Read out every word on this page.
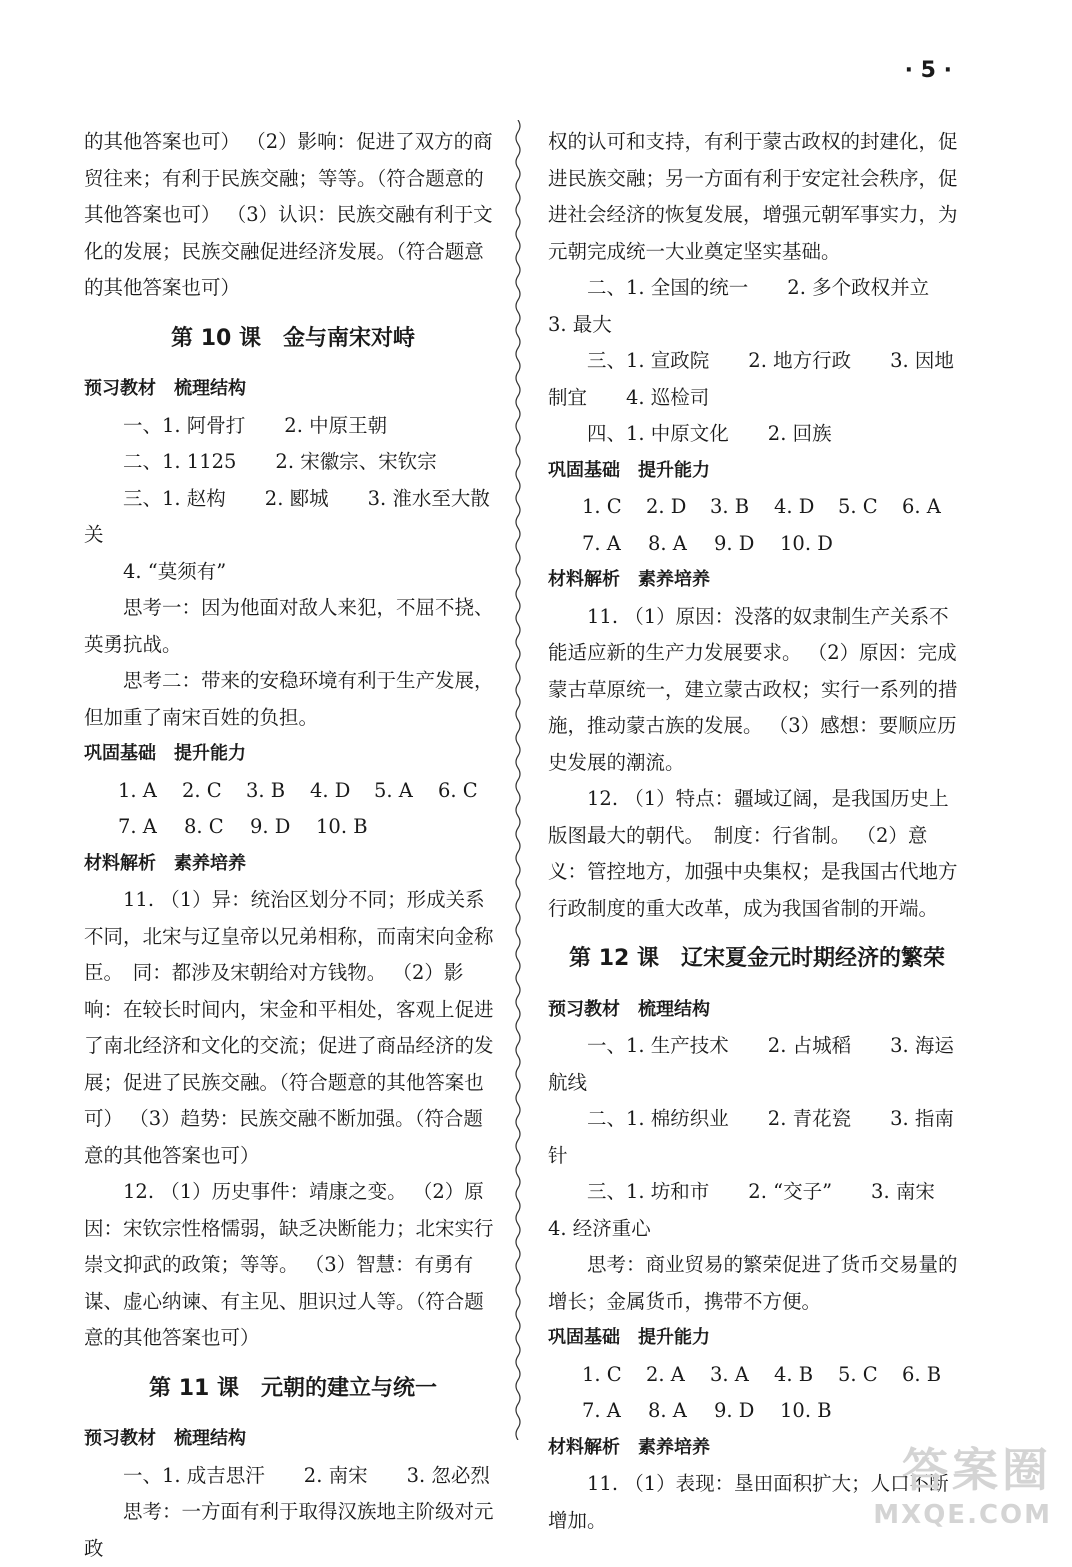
· 5 ·

的其他答案也可） （2）影响：促进了双方的商贸往来；有利于民族交融；等等。（符合题意的其他答案也可） （3）认识：民族交融有利于文化的发展；民族交融促进经济发展。（符合题意的其他答案也可）

第 10 课　金与南宋对峙
预习教材　梳理结构

一、1. 阿骨打　　2. 中原王朝

二、1. 1125　　2. 宋徽宗、宋钦宗

三、1. 赵构　　2. 郾城　　3. 淮水至大散关

4. “莫须有”

思考一：因为他面对敌人来犯，不屈不挠、英勇抗战。

思考二：带来的安稳环境有利于生产发展，但加重了南宋百姓的负担。

巩固基础　提升能力
1. A	2. C	3. B	4. D	5. A	6. C
7. A	8. C	9. D	10. B
材料解析　素养培养

11. （1）异：统治区划分不同；形成关系不同，北宋与辽皇帝以兄弟相称，而南宋向金称臣。　同：都涉及宋朝给对方钱物。 （2）影响：在较长时间内，宋金和平相处，客观上促进了南北经济和文化的交流；促进了商品经济的发展；促进了民族交融。（符合题意的其他答案也可） （3）趋势：民族交融不断加强。（符合题意的其他答案也可）

12. （1）历史事件：靖康之变。 （2）原因：宋钦宗性格懦弱，缺乏决断能力；北宋实行崇文抑武的政策；等等。 （3）智慧：有勇有谋、虚心纳谏、有主见、胆识过人等。（符合题意的其他答案也可）

第 11 课　元朝的建立与统一
预习教材　梳理结构

一、1. 成吉思汗　　2. 南宋　　3. 忽必烈

思考：一方面有利于取得汉族地主阶级对元政

权的认可和支持，有利于蒙古政权的封建化，促进民族交融；另一方面有利于安定社会秩序，促进社会经济的恢复发展，增强元朝军事实力，为元朝完成统一大业奠定坚实基础。

二、1. 全国的统一　　2. 多个政权并立

3. 最大

三、1. 宣政院　　2. 地方行政　　3. 因地制宜　　4. 巡检司

四、1. 中原文化　　2. 回族

巩固基础　提升能力
1. C	2. D	3. B	4. D	5. C	6. A
7. A	8. A	9. D	10. D
材料解析　素养培养

11. （1）原因：没落的奴隶制生产关系不能适应新的生产力发展要求。 （2）原因：完成蒙古草原统一，建立蒙古政权；实行一系列的措施，推动蒙古族的发展。 （3）感想：要顺应历史发展的潮流。

12. （1）特点：疆域辽阔，是我国历史上版图最大的朝代。　制度：行省制。 （2）意义：管控地方，加强中央集权；是我国古代地方行政制度的重大改革，成为我国省制的开端。

第 12 课　辽宋夏金元时期经济的繁荣
预习教材　梳理结构

一、1. 生产技术　　2. 占城稻　　3. 海运航线

二、1. 棉纺织业　　2. 青花瓷　　3. 指南针

三、1. 坊和市　　2. “交子”　　3. 南宋

4. 经济重心

思考：商业贸易的繁荣促进了货币交易量的增长；金属货币，携带不方便。

巩固基础　提升能力
1. C	2. A	3. A	4. B	5. C	6. B
7. A	8. A	9. D	10. B
材料解析　素养培养

11. （1）表现：垦田面积扩大；人口不断增加。

答案圈
MXQE.COM
